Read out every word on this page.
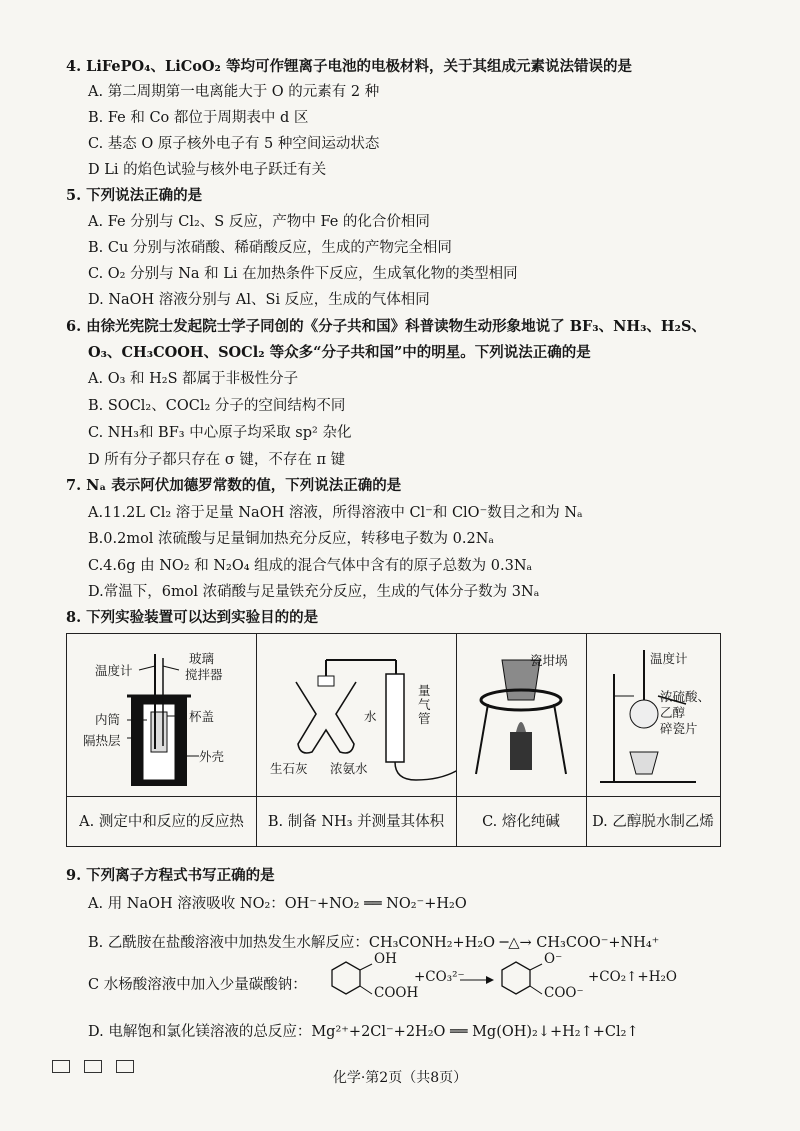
4. LiFePO₄、LiCoO₂ 等均可作锂离子电池的电极材料，关于其组成元素说法错误的是
A. 第二周期第一电离能大于 O 的元素有 2 种
B. Fe 和 Co 都位于周期表中 d 区
C. 基态 O 原子核外电子有 5 种空间运动状态
D Li 的焰色试验与核外电子跃迁有关
5. 下列说法正确的是
A. Fe 分别与 Cl₂、S 反应，产物中 Fe 的化合价相同
B. Cu 分别与浓硝酸、稀硝酸反应，生成的产物完全相同
C. O₂ 分别与 Na 和 Li 在加热条件下反应，生成氧化物的类型相同
D. NaOH 溶液分别与 Al、Si 反应，生成的气体相同
6. 由徐光宪院士发起院士学子同创的《分子共和国》科普读物生动形象地说了 BF₃、NH₃、H₂S、
O₃、CH₃COOH、SOCl₂ 等众多“分子共和国”中的明星。下列说法正确的是
A. O₃ 和 H₂S 都属于非极性分子
B. SOCl₂、COCl₂ 分子的空间结构不同
C. NH₃和 BF₃ 中心原子均采取 sp² 杂化
D 所有分子都只存在 σ 键，不存在 π 键
7. Nₐ 表示阿伏加德罗常数的值，下列说法正确的是
A.11.2L Cl₂ 溶于足量 NaOH 溶液，所得溶液中 Cl⁻和 ClO⁻数目之和为 Nₐ
B.0.2mol 浓硫酸与足量铜加热充分反应，转移电子数为 0.2Nₐ
C.4.6g 由 NO₂ 和 N₂O₄ 组成的混合气体中含有的原子总数为 0.3Nₐ
D.常温下，6mol 浓硝酸与足量铁充分反应，生成的气体分子数为 3Nₐ
8. 下列实验装置可以达到实验目的的是
温度计
玻璃
搅拌器
内筒	杯盖
隔热层
外壳
量
气
管
水
生石灰 浓氨水
瓷坩埚	温度计
浓硫酸、
乙醇
碎瓷片
A. 测定中和反应的反应热	B. 制备 NH₃ 并测量其体积	C. 熔化纯碱	D. 乙醇脱水制乙烯
9. 下列离子方程式书写正确的是
A. 用 NaOH 溶液吸收 NO₂：OH⁻+NO₂ ══ NO₂⁻+H₂O
B. 乙酰胺在盐酸溶液中加热发生水解反应：CH₃CONH₂+H₂O ─△→ CH₃COO⁻+NH₄⁺
C 水杨酸溶液中加入少量碳酸钠：
OH
COOH
+CO₃²⁻
O⁻
COO⁻
+CO₂↑+H₂O
D. 电解饱和氯化镁溶液的总反应：Mg²⁺+2Cl⁻+2H₂O ══ Mg(OH)₂↓+H₂↑+Cl₂↑
化学·第2页（共8页）
